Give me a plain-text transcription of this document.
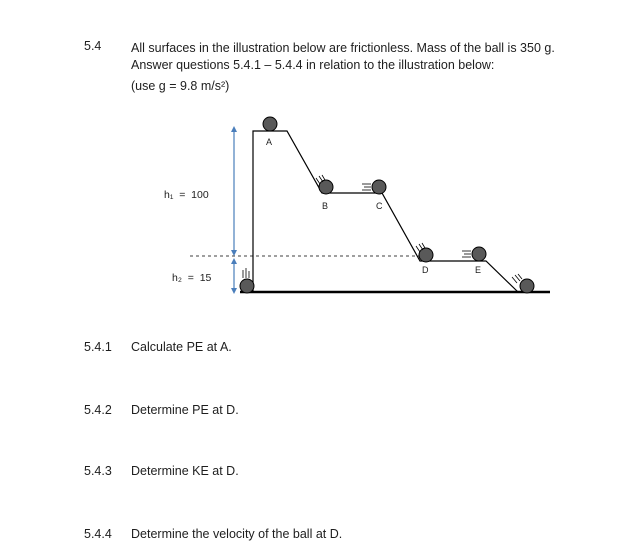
5.4 All surfaces in the illustration below are frictionless. Mass of the ball is 350 g.
Answer questions 5.4.1 – 5.4.4 in relation to the illustration below:
(use g = 9.8 m/s²)
A
B	C
D	E
h₁  =  100
h₂  =  15
5.4.1 Calculate PE at A.
5.4.2 Determine PE at D.
5.4.3 Determine KE at D.
5.4.4 Determine the velocity of the ball at D.
